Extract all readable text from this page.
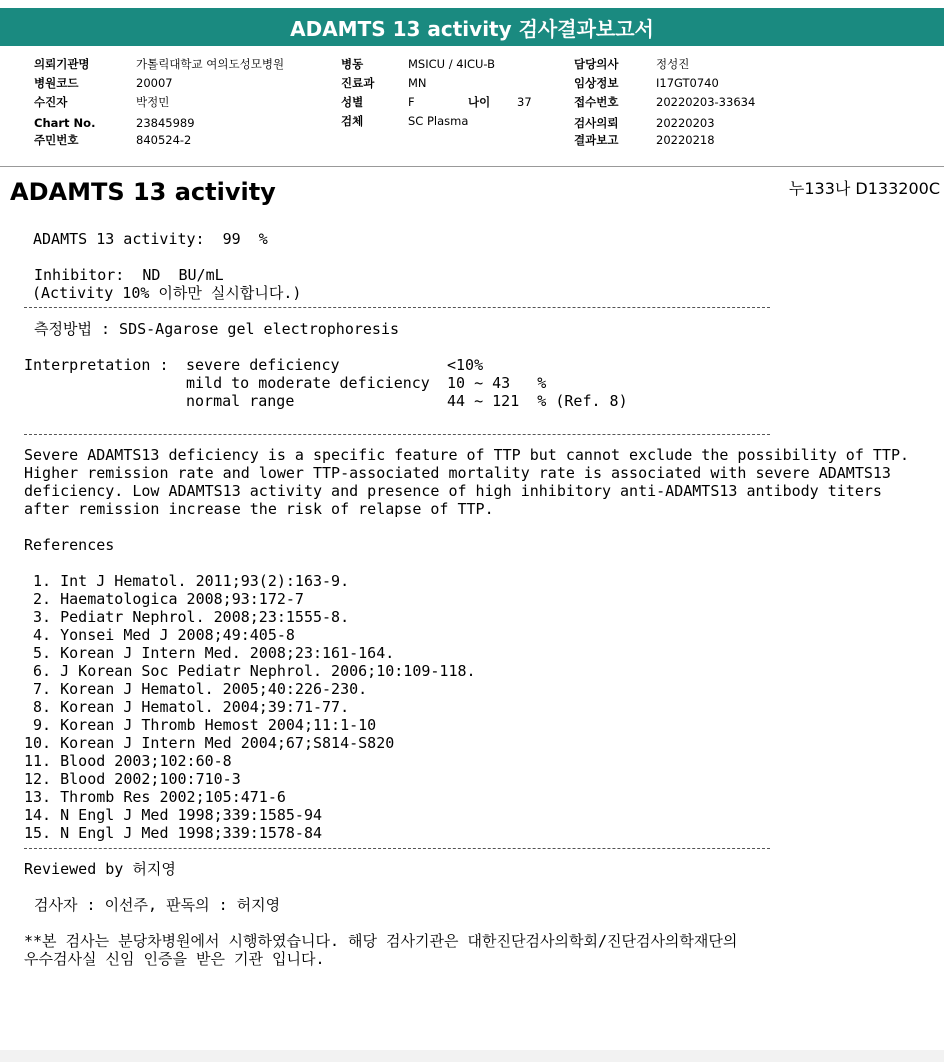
ADAMTS 13 activity 검사결과보고서
의뢰기관명	가톨릭대학교 여의도성모병원
병원코드	20007
수진자	박정민
Chart No.	23845989
주민번호	840524-2
병동	MSICU / 4ICU-B
진료과	MN
성별	F	나이 37
검체	SC Plasma
담당의사	정성진
임상정보	I17GT0740
접수번호	20220203-33634
검사의뢰	20220203
결과보고	20220218
ADAMTS 13 activity	누133나 D133200C
ADAMTS 13 activity:  99  %
Inhibitor:  ND  BU/mL
(Activity 10% 이하만 실시합니다.)
측정방법 : SDS-Agarose gel electrophoresis
Interpretation : severe deficiency	<10%
mild to moderate deficiency 10 ~ 43   %
normal range	44 ~ 121  % (Ref. 8)
Severe ADAMTS13 deficiency is a specific feature of TTP but cannot exclude the possibility of TTP.
Higher remission rate and lower TTP-associated mortality rate is associated with severe ADAMTS13
deficiency. Low ADAMTS13 activity and presence of high inhibitory anti-ADAMTS13 antibody titers
after remission increase the risk of relapse of TTP.
References
1. Int J Hematol. 2011;93(2):163-9.
2. Haematologica 2008;93:172-7
3. Pediatr Nephrol. 2008;23:1555-8.
4. Yonsei Med J 2008;49:405-8
5. Korean J Intern Med. 2008;23:161-164.
6. J Korean Soc Pediatr Nephrol. 2006;10:109-118.
7. Korean J Hematol. 2005;40:226-230.
8. Korean J Hematol. 2004;39:71-77.
9. Korean J Thromb Hemost 2004;11:1-10
10. Korean J Intern Med 2004;67;S814-S820
11. Blood 2003;102:60-8
12. Blood 2002;100:710-3
13. Thromb Res 2002;105:471-6
14. N Engl J Med 1998;339:1585-94
15. N Engl J Med 1998;339:1578-84
Reviewed by 허지영
검사자 : 이선주, 판독의 : 허지영
**본 검사는 분당차병원에서 시행하였습니다. 해당 검사기관은 대한진단검사의학회/진단검사의학재단의
우수검사실 신임 인증을 받은 기관 입니다.
